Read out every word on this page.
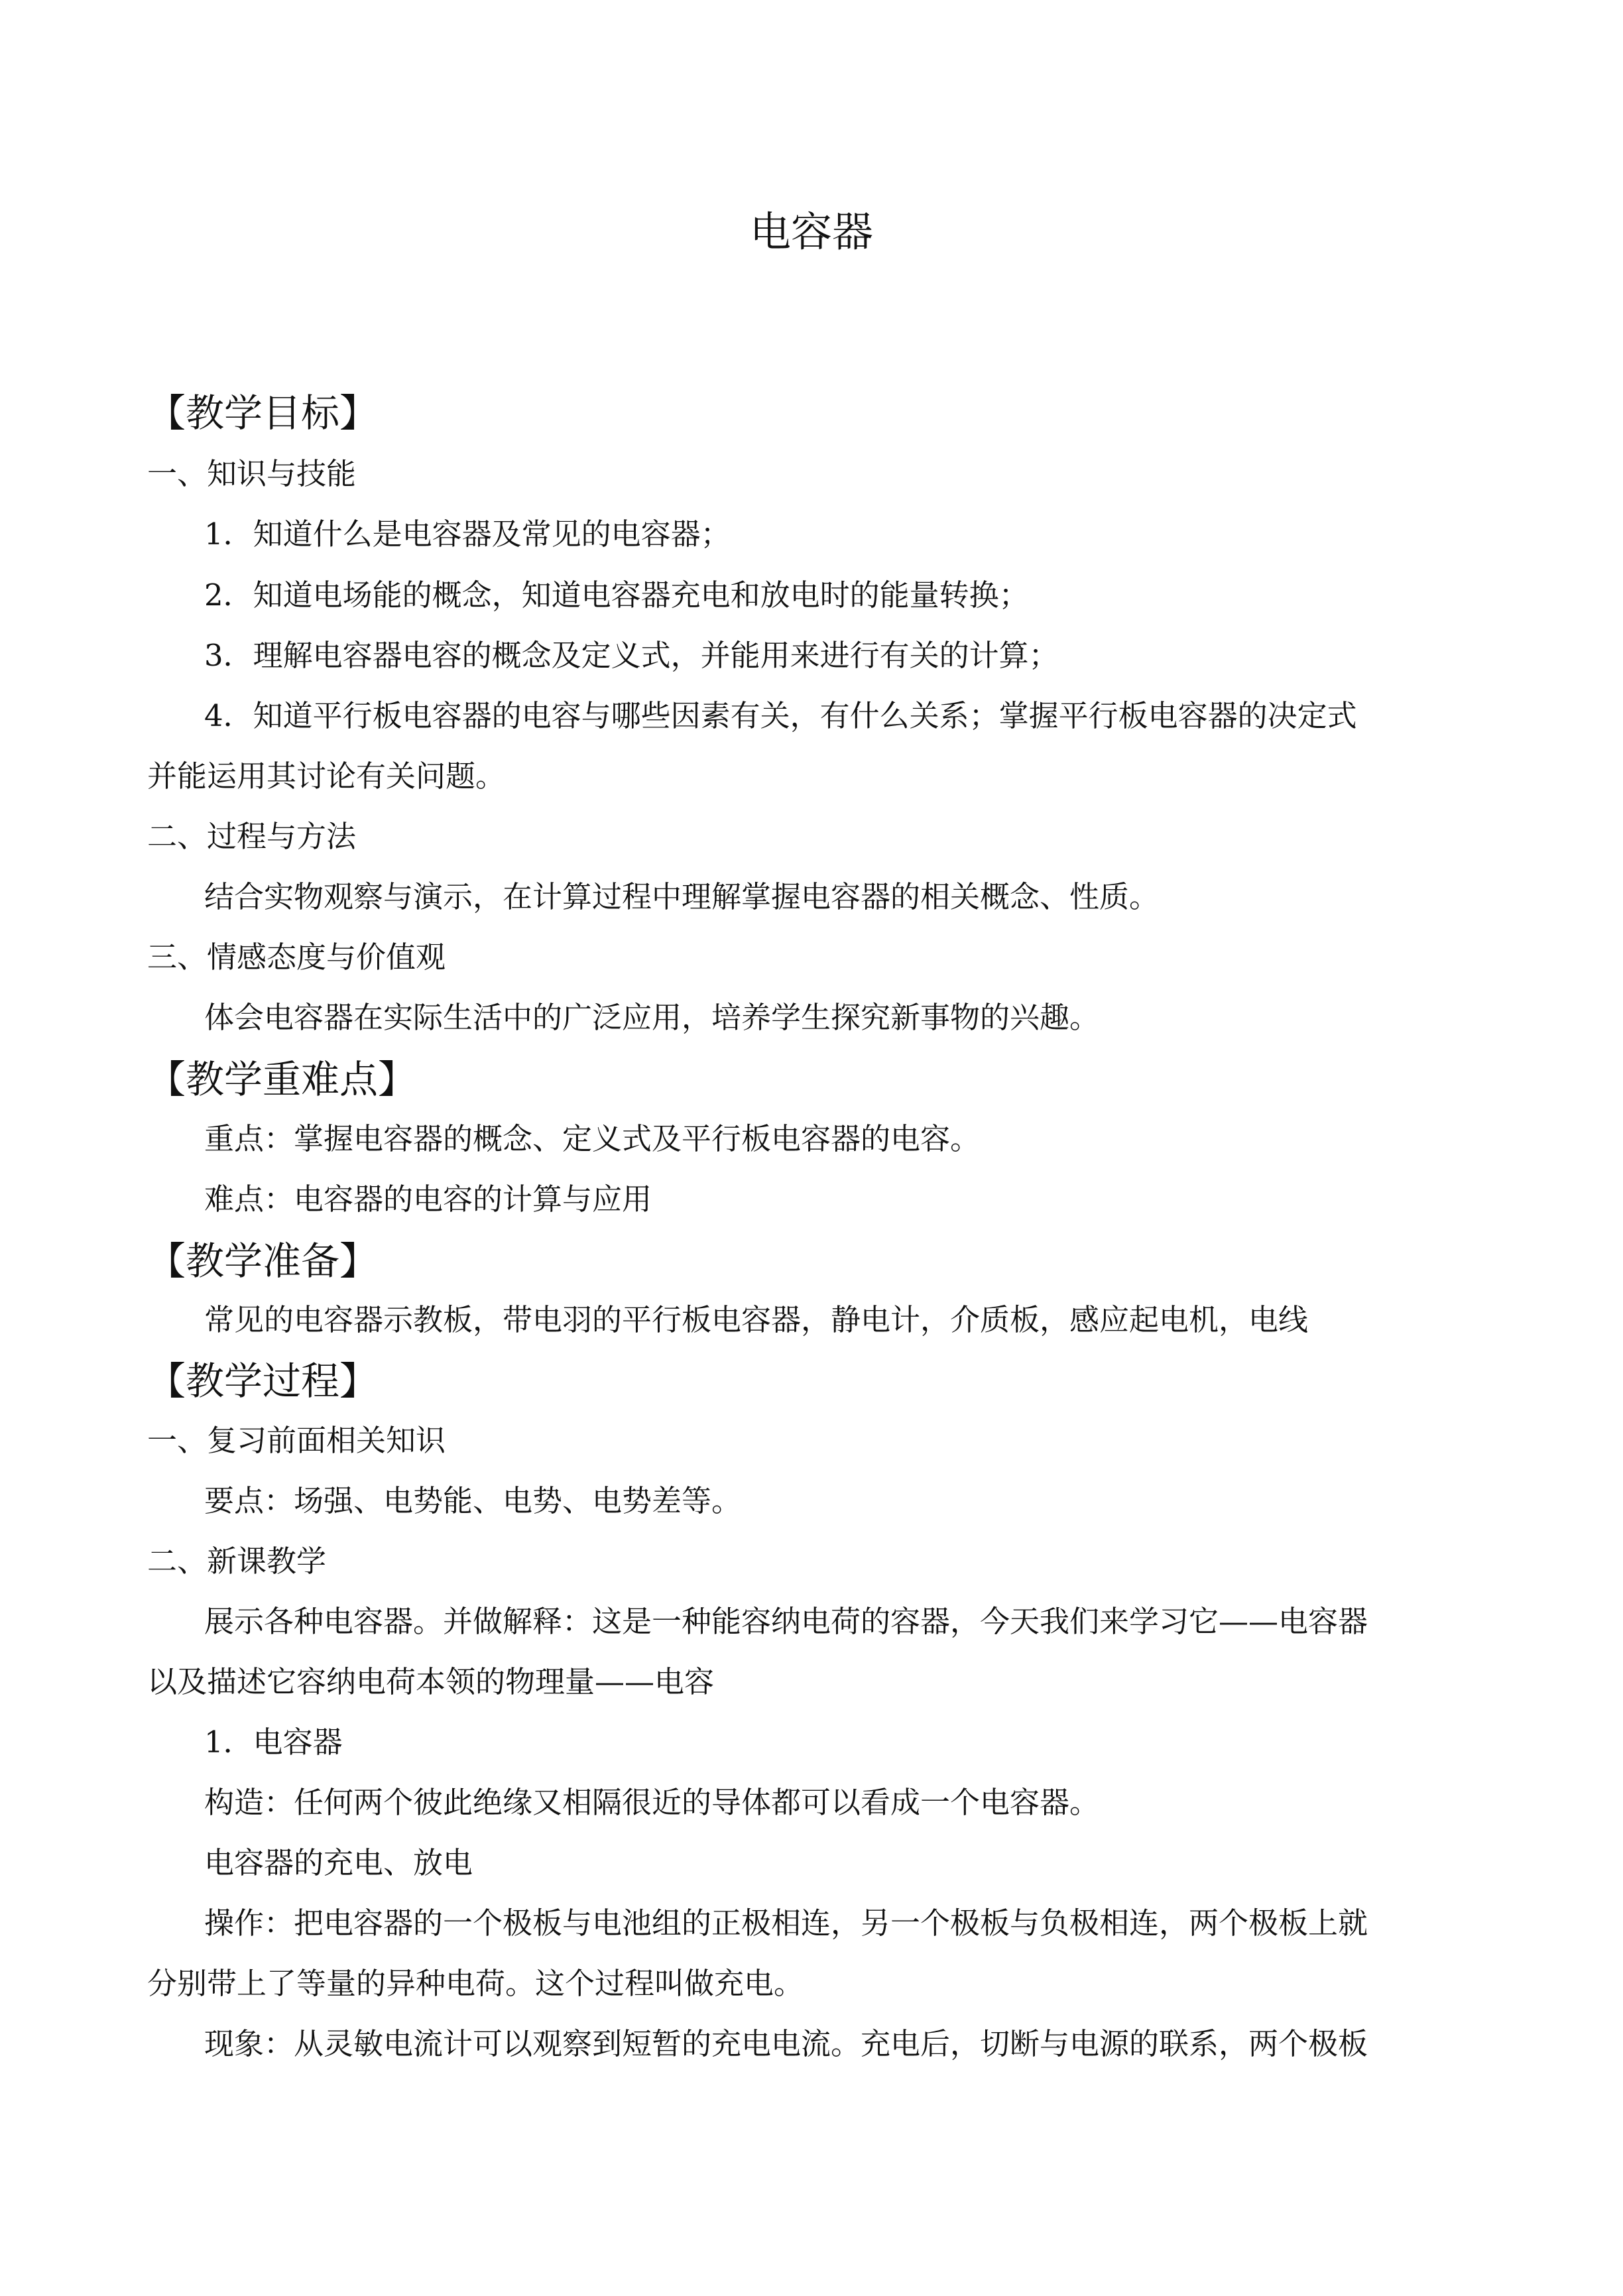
电容器
【教学目标】
一、知识与技能
1．知道什么是电容器及常见的电容器；
2．知道电场能的概念，知道电容器充电和放电时的能量转换；
3．理解电容器电容的概念及定义式，并能用来进行有关的计算；
4．知道平行板电容器的电容与哪些因素有关，有什么关系；掌握平行板电容器的决定式
并能运用其讨论有关问题。
二、过程与方法
结合实物观察与演示，在计算过程中理解掌握电容器的相关概念、性质。
三、情感态度与价值观
体会电容器在实际生活中的广泛应用，培养学生探究新事物的兴趣。
【教学重难点】
重点：掌握电容器的概念、定义式及平行板电容器的电容。
难点：电容器的电容的计算与应用
【教学准备】
常见的电容器示教板，带电羽的平行板电容器，静电计，介质板，感应起电机，电线
【教学过程】
一、复习前面相关知识
要点：场强、电势能、电势、电势差等。
二、新课教学
展示各种电容器。并做解释：这是一种能容纳电荷的容器，今天我们来学习它——电容器
以及描述它容纳电荷本领的物理量——电容
1．电容器
构造：任何两个彼此绝缘又相隔很近的导体都可以看成一个电容器。
电容器的充电、放电
操作：把电容器的一个极板与电池组的正极相连，另一个极板与负极相连，两个极板上就
分别带上了等量的异种电荷。这个过程叫做充电。
现象：从灵敏电流计可以观察到短暂的充电电流。充电后，切断与电源的联系，两个极板
